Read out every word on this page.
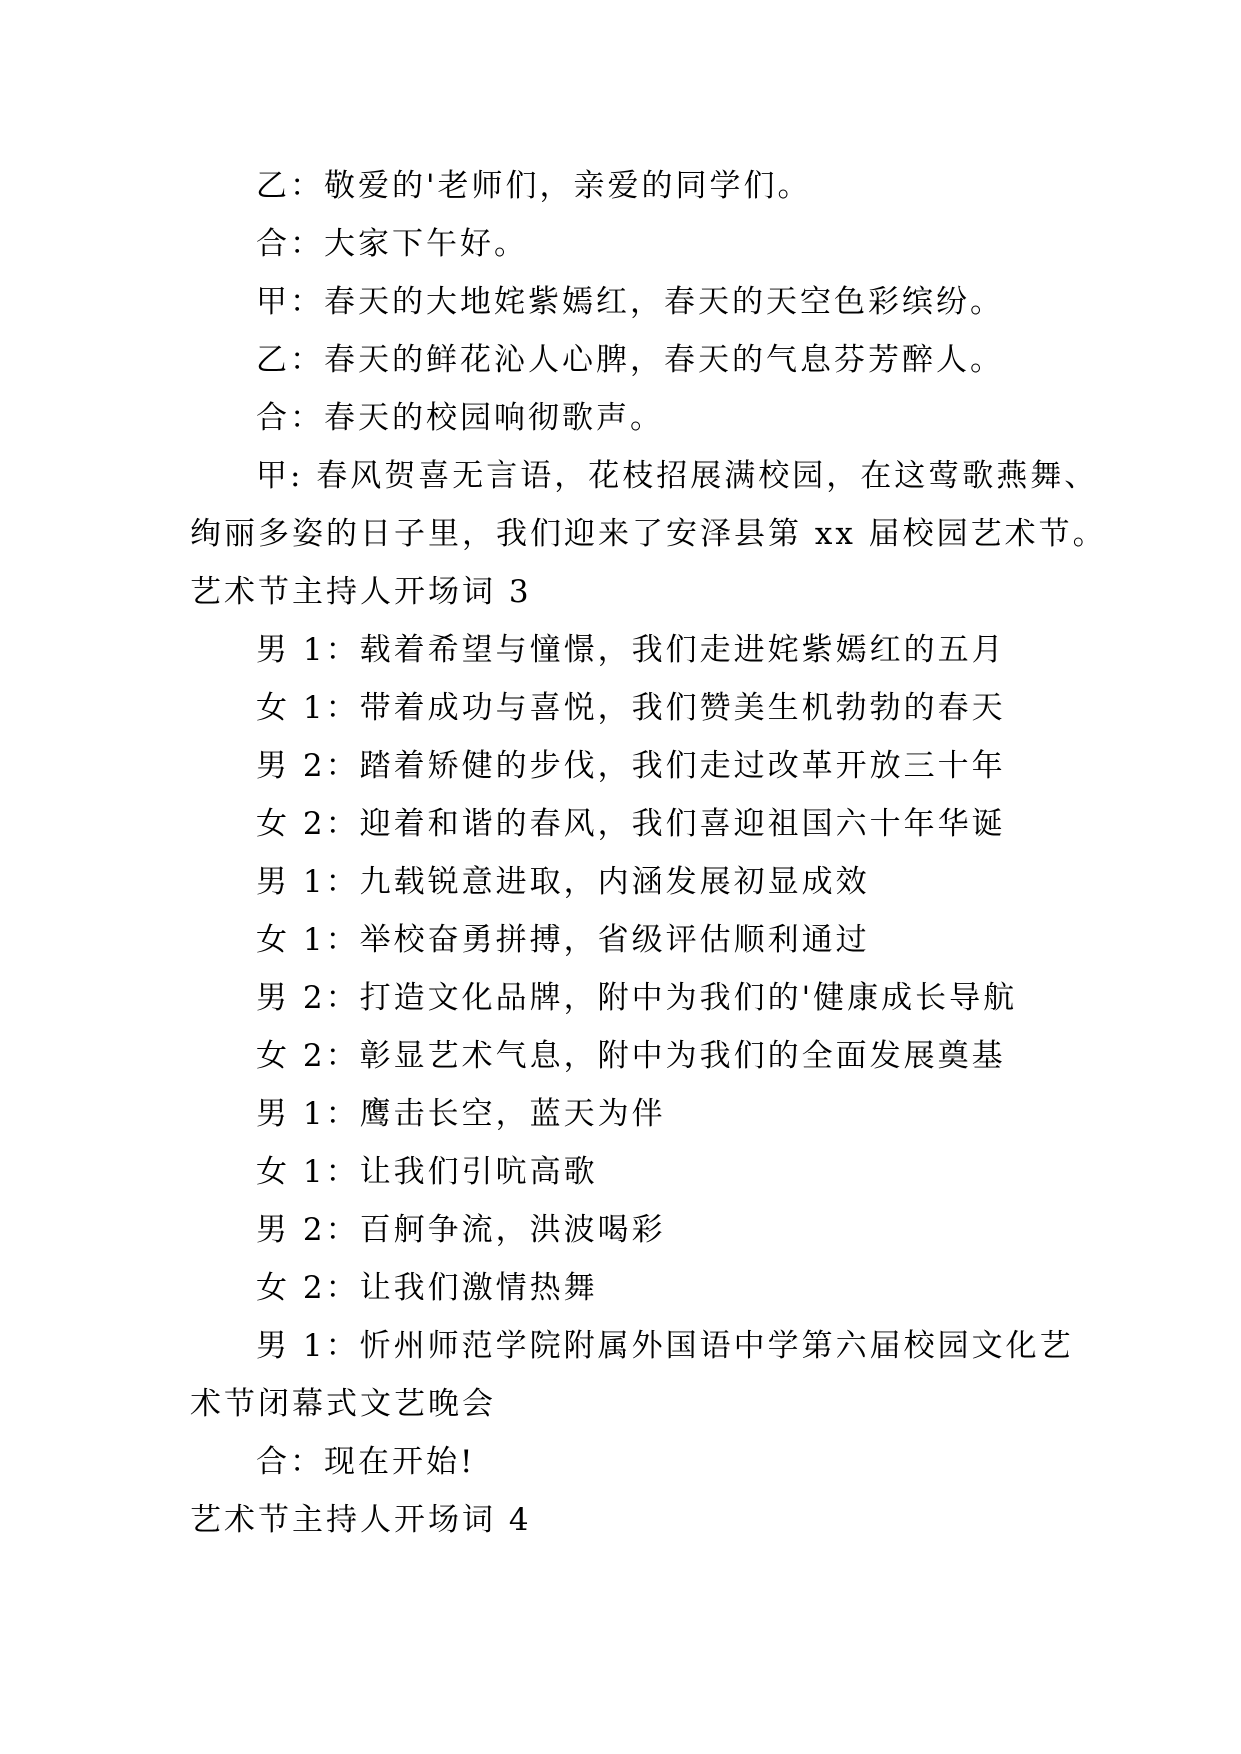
乙：敬爱的'老师们，亲爱的同学们。
合：大家下午好。
甲：春天的大地姹紫嫣红，春天的天空色彩缤纷。
乙：春天的鲜花沁人心脾，春天的气息芬芳醉人。
合：春天的校园响彻歌声。
甲: 春风贺喜无言语，花枝招展满校园，在这莺歌燕舞、
绚丽多姿的日子里，我们迎来了安泽县第 xx 届校园艺术节。
艺术节主持人开场词 3
男 1：载着希望与憧憬，我们走进姹紫嫣红的五月
女 1：带着成功与喜悦，我们赞美生机勃勃的春天
男 2：踏着矫健的步伐，我们走过改革开放三十年
女 2：迎着和谐的春风，我们喜迎祖国六十年华诞
男 1：九载锐意进取，内涵发展初显成效
女 1：举校奋勇拼搏，省级评估顺利通过
男 2：打造文化品牌，附中为我们的'健康成长导航
女 2：彰显艺术气息，附中为我们的全面发展奠基
男 1：鹰击长空，蓝天为伴
女 1：让我们引吭高歌
男 2：百舸争流，洪波喝彩
女 2：让我们激情热舞
男 1：忻州师范学院附属外国语中学第六届校园文化艺
术节闭幕式文艺晚会
合：现在开始!
艺术节主持人开场词 4
